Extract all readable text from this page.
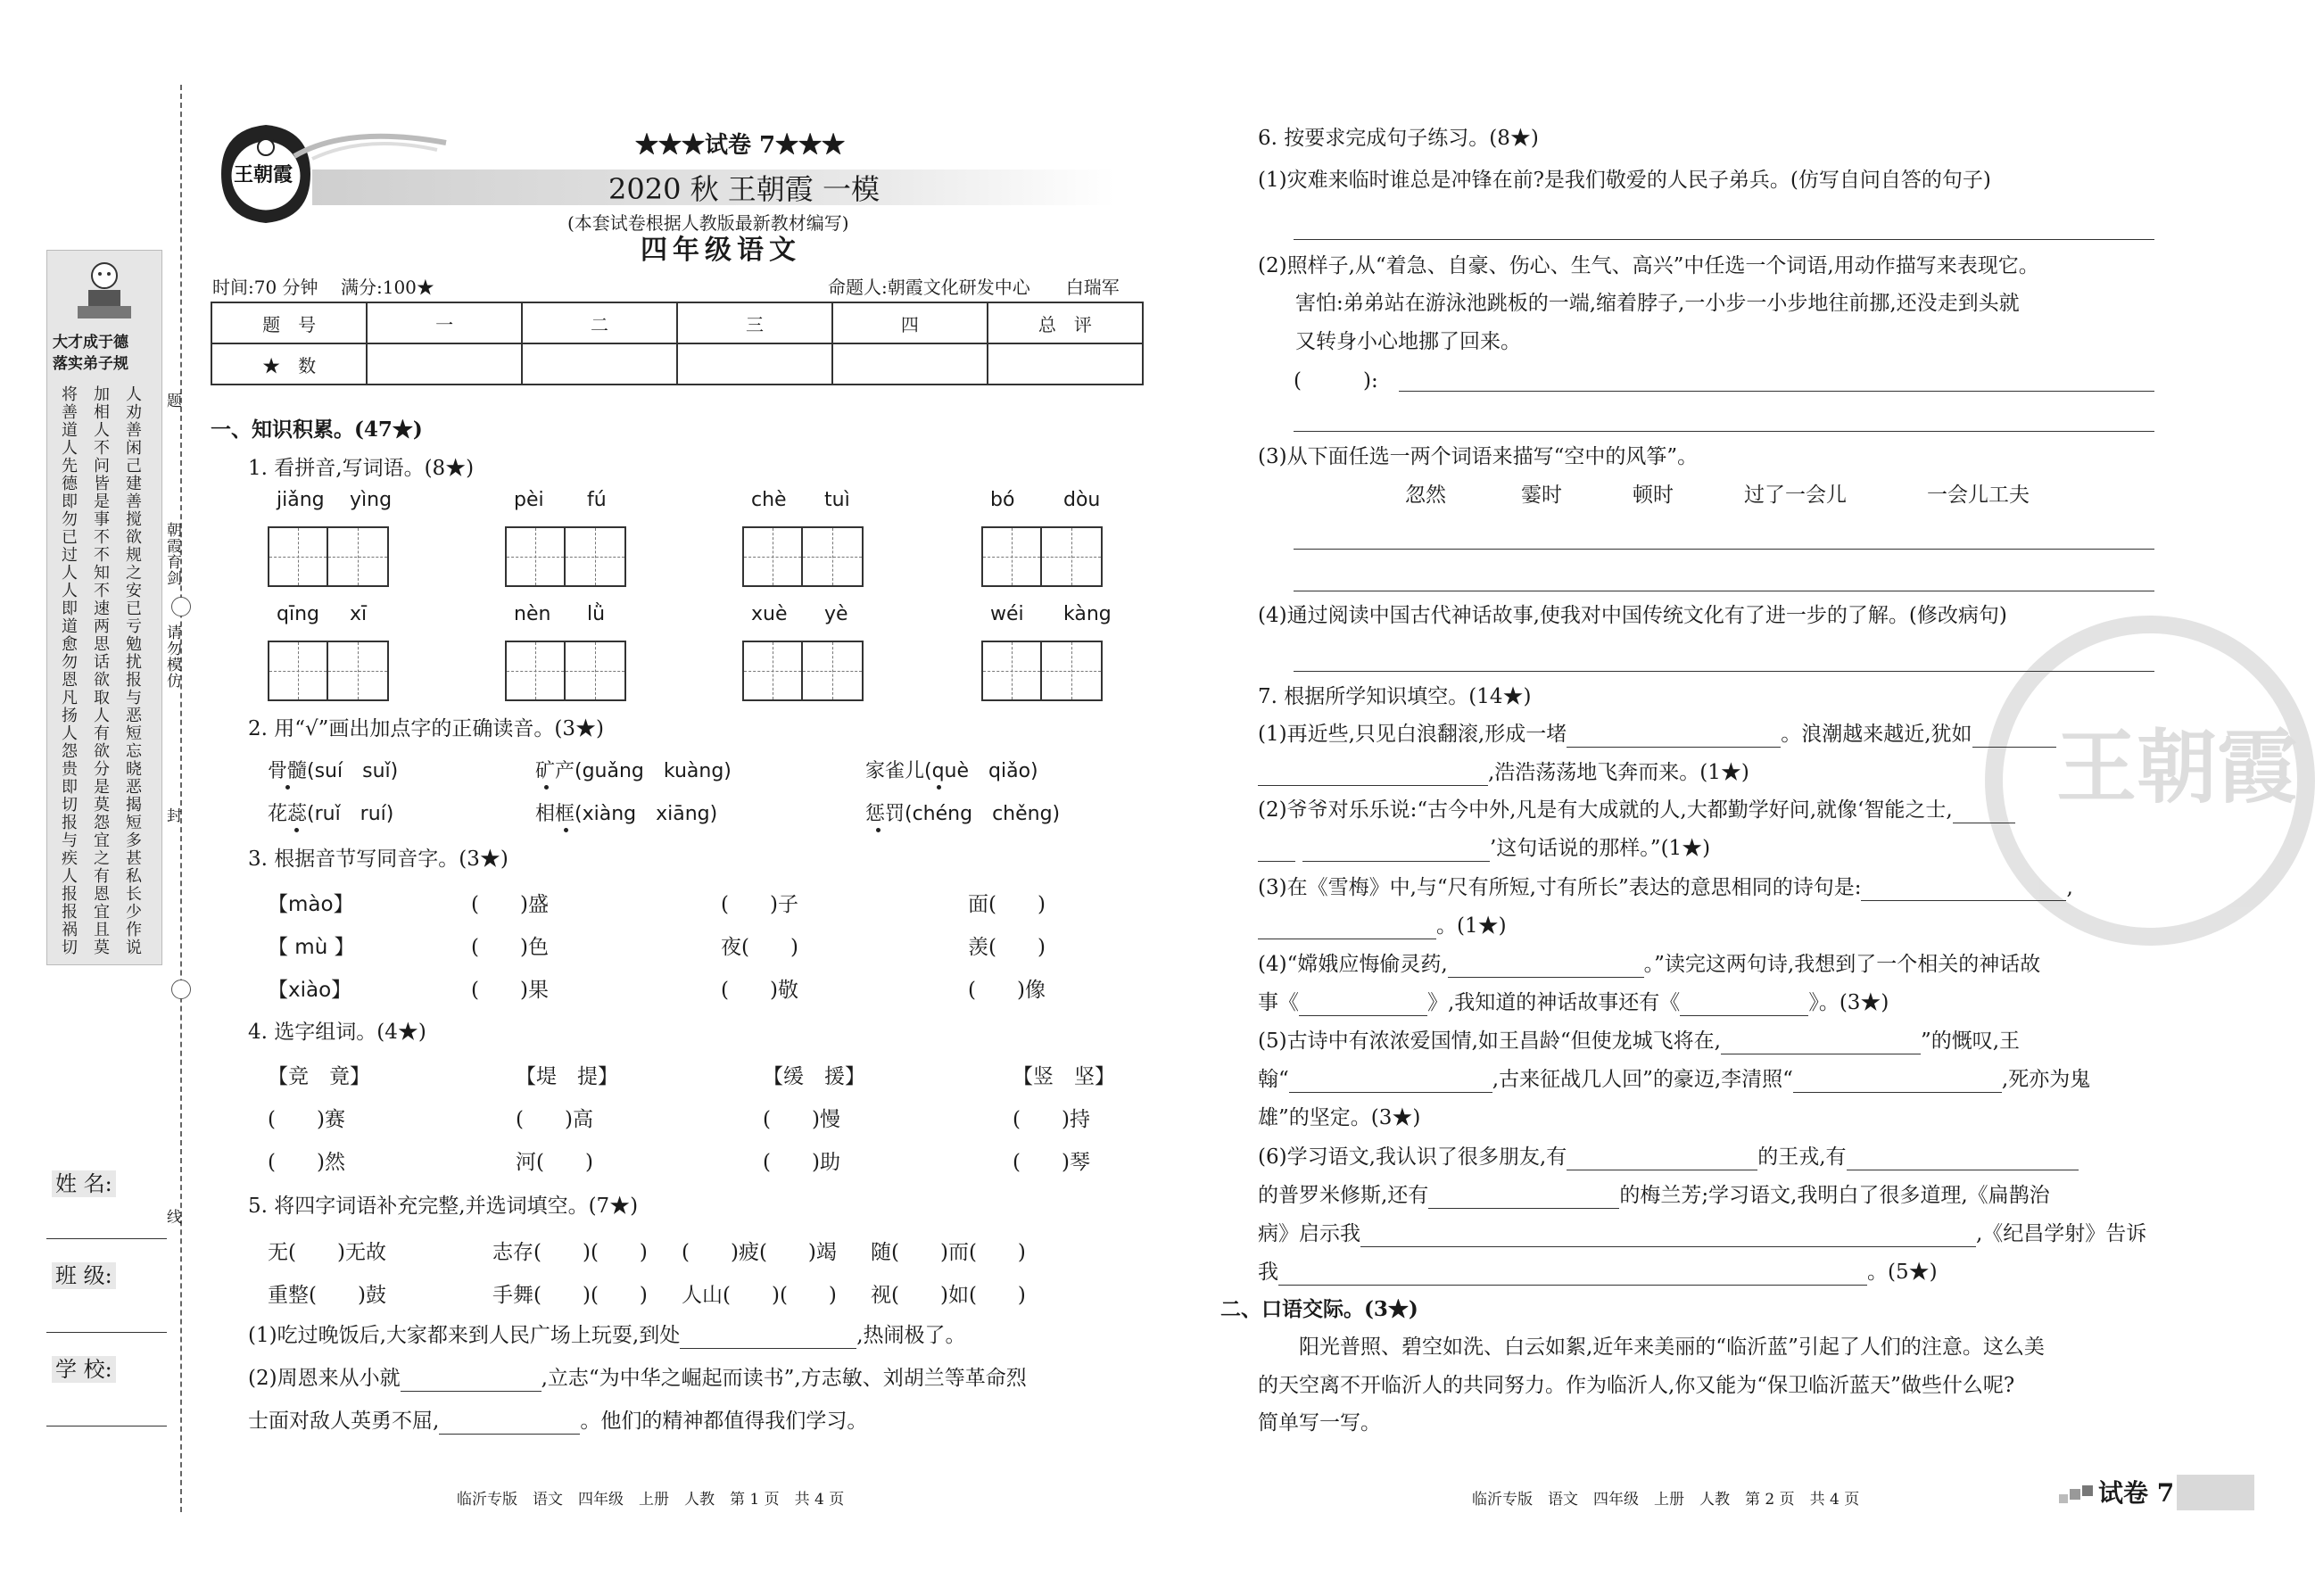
大才成于德
落实弟子规
将善道人 加相人不 人劝善闲
先德即勿 问皆是事 己建善搅
已过人人 不不知不 欲规之安
即道愈勿 速两思话 已亏勉扰
恩凡扬人 欲取人有 报与恶短
怨贵即切 欲分是莫 忘晓恶揭
报与疾人 怨宜之有 短多甚私
报报祸切 恩宜且莫 长少作说
题
朝霞育剑
请勿模仿
封
线
姓 名:
班 级:
学 校:
王朝霞
★★★试卷 7★★★
2020 秋 王朝霞 一模
(本套试卷根据人教版最新教材编写)
四年级语文
时间:70 分钟 满分:100★	命题人:朝霞文化研发中心　　白瑞军
题　号	一	二	三	四	总　评
★　数					
一、知识积累。(47★)
1. 看拼音,写词语。(8★)
jiǎng yìng	pèi fú	chè tuì	bó dòu
qīng xī	nèn lǜ	xuè yè	wéi kàng
2. 用“√”画出加点字的正确读音。(3★)
骨髓(suí　suǐ)	矿产(guǎng　kuàng)	家雀儿(què　qiǎo)
花蕊(ruǐ　ruí)	相框(xiàng　xiāng)	惩罚(chéng　chěng)
3. 根据音节写同音字。(3★)
【mào】	(　　)盛	(　　)子	面(　　)
【 mù 】	(　　)色	夜(　　)	羡(　　)
【xiào】	(　　)果	(　　)敬	(　　)像
4. 选字组词。(4★)
【竞　竟】	【堤　提】	【缓　援】	【竖　坚】
(　　)赛	(　　)高	(　　)慢	(　　)持
(　　)然	河(　　)	(　　)助	(　　)琴
5. 将四字词语补充完整,并选词填空。(7★)
无(　　)无故	志存(　　)(　　) (　　)疲(　　)竭 随(　　)而(　　)
重整(　　)鼓	手舞(　　)(　　) 人山(　　)(　　) 视(　　)如(　　)
(1)吃过晚饭后,大家都来到人民广场上玩耍,到处	,热闹极了。
(2)周恩来从小就	,立志“为中华之崛起而读书”,方志敏、刘胡兰等革命烈
士面对敌人英勇不屈,	。他们的精神都值得我们学习。
临沂专版　语文　四年级　上册　人教　第 1 页　共 4 页
王朝霞
6. 按要求完成句子练习。(8★)
(1)灾难来临时谁总是冲锋在前?是我们敬爱的人民子弟兵。(仿写自问自答的句子)
(2)照样子,从“着急、自豪、伤心、生气、高兴”中任选一个词语,用动作描写来表现它。
害怕:弟弟站在游泳池跳板的一端,缩着脖子,一小步一小步地往前挪,还没走到头就
又转身小心地挪了回来。
(　　　):
(3)从下面任选一两个词语来描写“空中的风筝”。
忽然	霎时	顿时	过了一会儿	一会儿工夫
(4)通过阅读中国古代神话故事,使我对中国传统文化有了进一步的了解。(修改病句)
7. 根据所学知识填空。(14★)
(1)再近些,只见白浪翻滚,形成一堵	。浪潮越来越近,犹如
,浩浩荡荡地飞奔而来。(1★)
(2)爷爷对乐乐说:“古今中外,凡是有大成就的人,大都勤学好问,就像‘智能之士,
’这句话说的那样。”(1★)
(3)在《雪梅》中,与“尺有所短,寸有所长”表达的意思相同的诗句是:	,
。(1★)
(4)“嫦娥应悔偷灵药,	。”读完这两句诗,我想到了一个相关的神话故
事《	》,我知道的神话故事还有《	》。(3★)
(5)古诗中有浓浓爱国情,如王昌龄“但使龙城飞将在,	”的慨叹,王
翰“	,古来征战几人回”的豪迈,李清照“	,死亦为鬼
雄”的坚定。(3★)
(6)学习语文,我认识了很多朋友,有	的王戎,有
的普罗米修斯,还有	的梅兰芳;学习语文,我明白了很多道理,《扁鹊治
病》启示我	,《纪昌学射》告诉
我	。(5★)
二、口语交际。(3★)
阳光普照、碧空如洗、白云如絮,近年来美丽的“临沂蓝”引起了人们的注意。这么美
的天空离不开临沂人的共同努力。作为临沂人,你又能为“保卫临沂蓝天”做些什么呢?
简单写一写。
临沂专版　语文　四年级　上册　人教　第 2 页　共 4 页	试卷 7
